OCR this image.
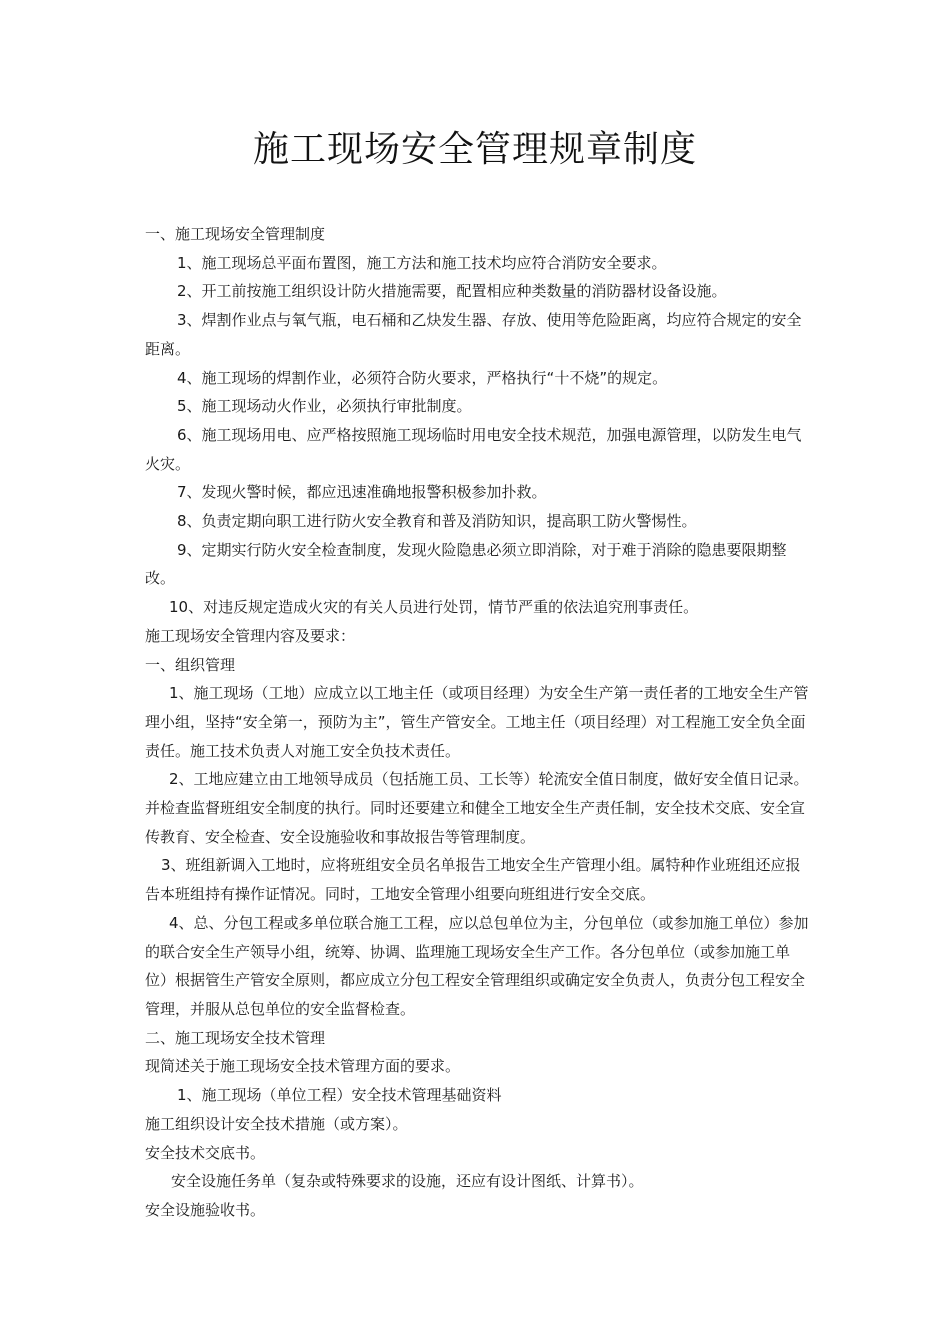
施工现场安全管理规章制度

一、施工现场安全管理制度

1、施工现场总平面布置图，施工方法和施工技术均应符合消防安全要求。

2、开工前按施工组织设计防火措施需要，配置相应种类数量的消防器材设备设施。

3、焊割作业点与氧气瓶，电石桶和乙炔发生器、存放、使用等危险距离，均应符合规定的安全距离。

4、施工现场的焊割作业，必须符合防火要求，严格执行“十不烧”的规定。

5、施工现场动火作业，必须执行审批制度。

6、施工现场用电、应严格按照施工现场临时用电安全技术规范，加强电源管理，以防发生电气火灾。

7、发现火警时候，都应迅速准确地报警积极参加扑救。

8、负责定期向职工进行防火安全教育和普及消防知识，提高职工防火警惕性。

9、定期实行防火安全检查制度，发现火险隐患必须立即消除，对于难于消除的隐患要限期整改。

10、对违反规定造成火灾的有关人员进行处罚，情节严重的依法追究刑事责任。

施工现场安全管理内容及要求：

一、组织管理

1、施工现场（工地）应成立以工地主任（或项目经理）为安全生产第一责任者的工地安全生产管理小组，坚持“安全第一，预防为主”，管生产管安全。工地主任（项目经理）对工程施工安全负全面责任。施工技术负责人对施工安全负技术责任。

2、工地应建立由工地领导成员（包括施工员、工长等）轮流安全值日制度，做好安全值日记录。并检查监督班组安全制度的执行。同时还要建立和健全工地安全生产责任制，安全技术交底、安全宣传教育、安全检查、安全设施验收和事故报告等管理制度。

3、班组新调入工地时，应将班组安全员名单报告工地安全生产管理小组。属特种作业班组还应报告本班组持有操作证情况。同时，工地安全管理小组要向班组进行安全交底。

4、总、分包工程或多单位联合施工工程，应以总包单位为主，分包单位（或参加施工单位）参加的联合安全生产领导小组，统筹、协调、监理施工现场安全生产工作。各分包单位（或参加施工单位）根据管生产管安全原则，都应成立分包工程安全管理组织或确定安全负责人，负责分包工程安全管理，并服从总包单位的安全监督检查。

二、施工现场安全技术管理

现简述关于施工现场安全技术管理方面的要求。

1、施工现场（单位工程）安全技术管理基础资料

施工组织设计安全技术措施（或方案）。

安全技术交底书。

安全设施任务单（复杂或特殊要求的设施，还应有设计图纸、计算书）。

安全设施验收书。
